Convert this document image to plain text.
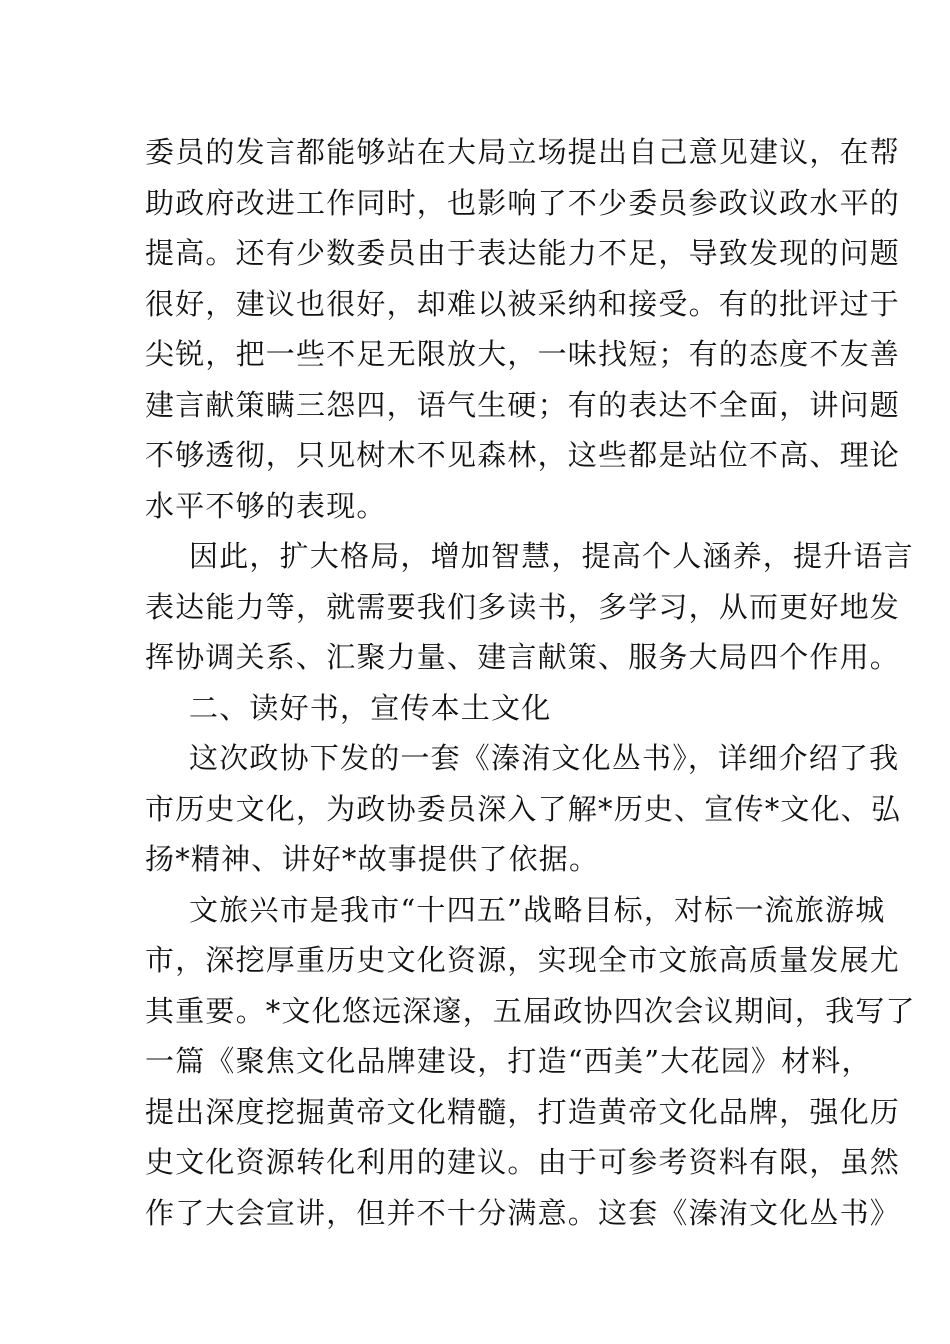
委员的发言都能够站在大局立场提出自己意见建议，在帮
助政府改进工作同时，也影响了不少委员参政议政水平的
提高。还有少数委员由于表达能力不足，导致发现的问题
很好，建议也很好，却难以被采纳和接受。有的批评过于
尖锐，把一些不足无限放大，一味找短；有的态度不友善
建言献策瞒三怨四，语气生硬；有的表达不全面，讲问题
不够透彻，只见树木不见森林，这些都是站位不高、理论
水平不够的表现。
因此，扩大格局，增加智慧，提高个人涵养，提升语言
表达能力等，就需要我们多读书，多学习，从而更好地发
挥协调关系、汇聚力量、建言献策、服务大局四个作用。
二、读好书，宣传本土文化
这次政协下发的一套《溱洧文化丛书》，详细介绍了我
市历史文化，为政协委员深入了解*历史、宣传*文化、弘
扬*精神、讲好*故事提供了依据。
文旅兴市是我市“十四五”战略目标，对标一流旅游城
市，深挖厚重历史文化资源，实现全市文旅高质量发展尤
其重要。*文化悠远深邃，五届政协四次会议期间，我写了
一篇《聚焦文化品牌建设，打造“西美”大花园》材料，
提出深度挖掘黄帝文化精髓，打造黄帝文化品牌，强化历
史文化资源转化利用的建议。由于可参考资料有限，虽然
作了大会宣讲，但并不十分满意。这套《溱洧文化丛书》
